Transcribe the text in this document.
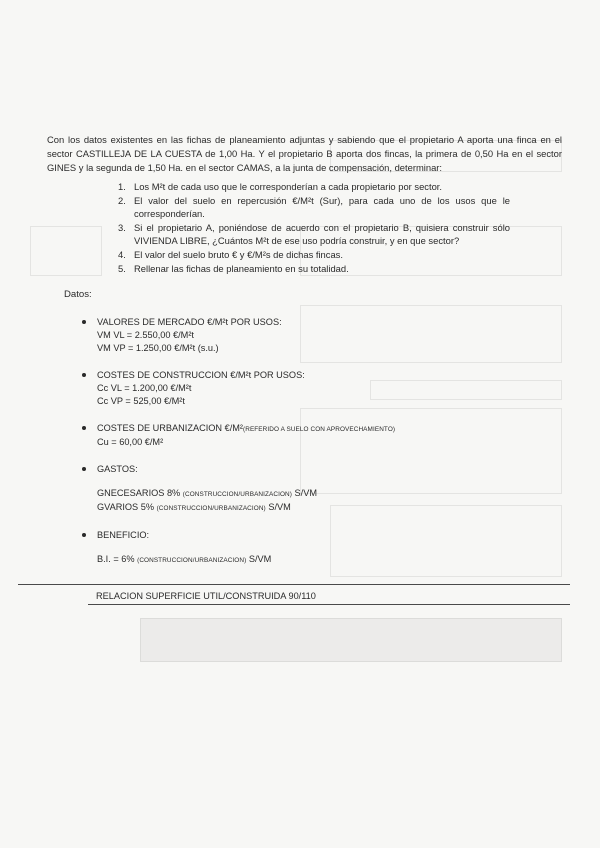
Con los datos existentes en las fichas de planeamiento adjuntas y sabiendo que el propietario A aporta una finca en el sector CASTILLEJA DE LA CUESTA de 1,00 Ha. Y el propietario B aporta dos fincas, la primera de 0,50 Ha en el sector GINES y la segunda de 1,50 Ha. en el sector CAMAS, a la junta de compensación, determinar:

1. Los M²t de cada uso que le corresponderían a cada propietario por sector.
2. El valor del suelo en repercusión €/M²t (Sur), para cada uno de los usos que le corresponderían.
3. Si el propietario A, poniéndose de acuerdo con el propietario B, quisiera construir sólo VIVIENDA LIBRE, ¿Cuántos M²t de ese uso podría construir, y en que sector?
4. El valor del suelo bruto € y €/M²s de dichas fincas.
5. Rellenar las fichas de planeamiento en su totalidad.
Datos:
VALORES DE MERCADO €/M²t POR USOS:
VM VL = 2.550,00 €/M²t
VM VP = 1.250,00 €/M²t (s.u.)
COSTES DE CONSTRUCCION €/M²t POR USOS:
Cc VL = 1.200,00 €/M²t
Cc VP = 525,00 €/M²t
COSTES DE URBANIZACION €/M²(REFERIDO A SUELO CON APROVECHAMIENTO)
Cu = 60,00 €/M²
GASTOS:
GNECESARIOS 8% (CONSTRUCCION/URBANIZACION) S/VM
GVARIOS 5% (CONSTRUCCION/URBANIZACION) S/VM
BENEFICIO:
B.I. = 6% (CONSTRUCCION/URBANIZACION) S/VM
RELACION SUPERFICIE UTIL/CONSTRUIDA 90/110
